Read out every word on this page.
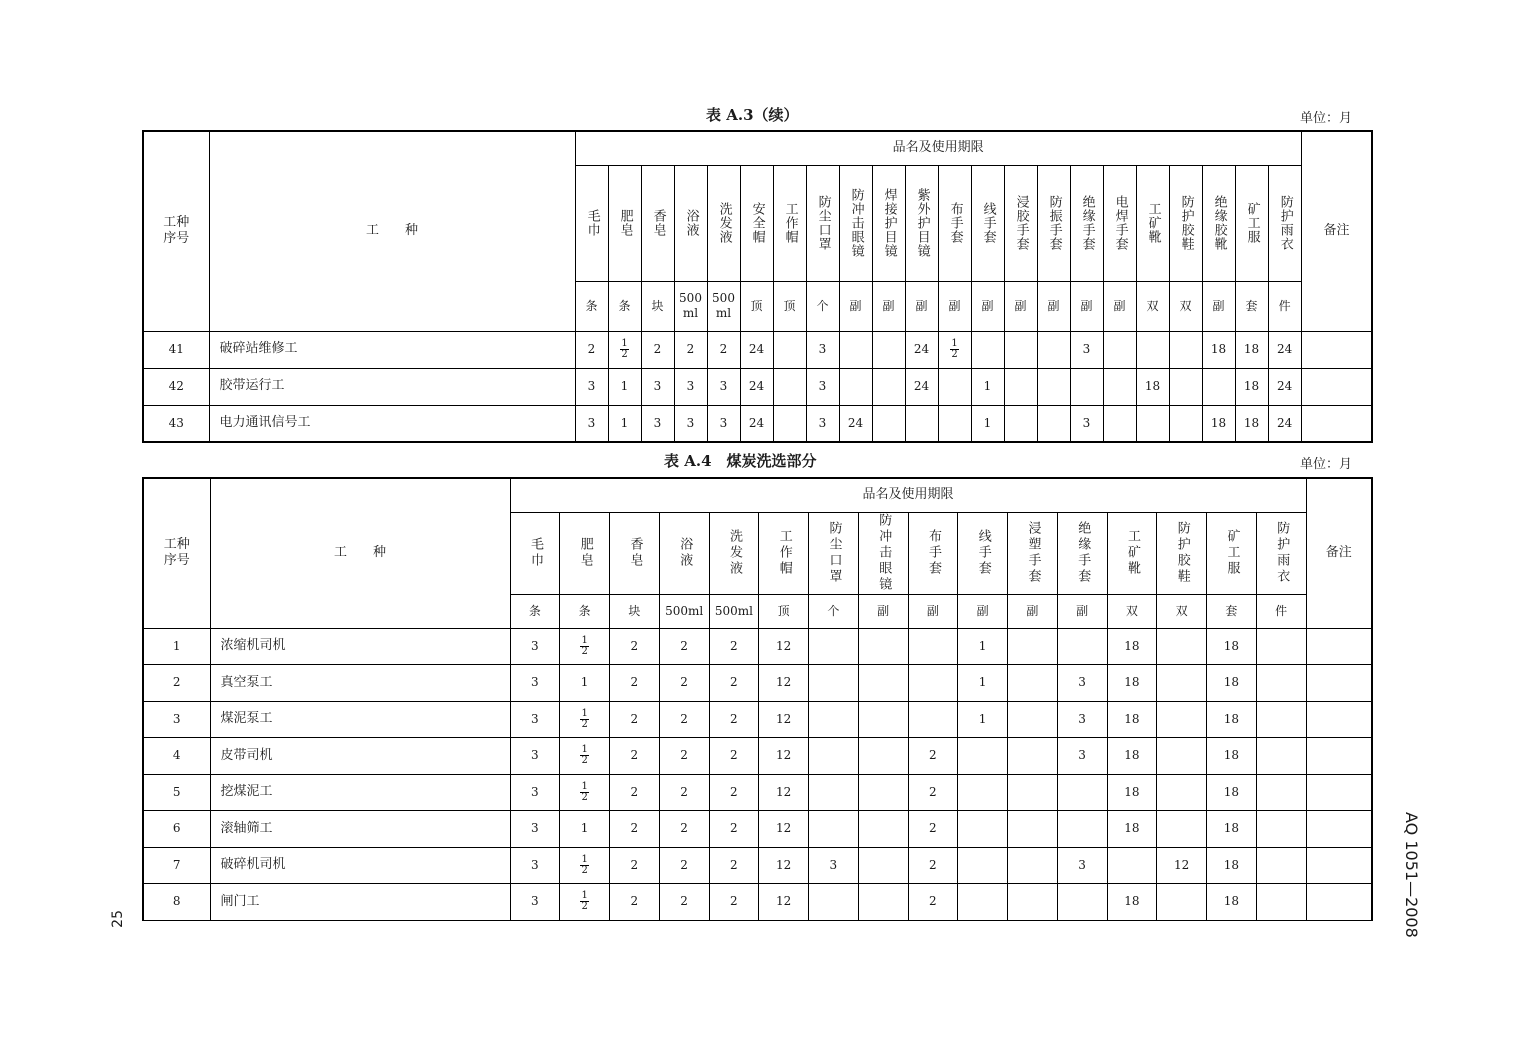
表 A.3（续）	单位：月
工种序号	工　　种	品名及使用期限																						备注

		毛巾	肥皂	香皂	浴液	洗发液	安全帽	工作帽	防尘口罩	防冲击眼镜	焊接护目镜	紫外护目镜	布手套	线手套	浸胶手套	防振手套	绝缘手套	电焊手套	工矿靴	防护胶鞋	绝缘胶靴	矿工服	防护雨衣	

		条	条	块	500 ml	500 ml	顶	顶	个	副	副	副	副	副	副	副	副	副	双	双	副	套	件	
41	破碎站维修工	2	$\frac{1}{2}$	2	2	2	24		3			24	$\frac{1}{2}$				3				18	18	24	
42	胶带运行工	3	1	3	3	3	24		3			24		1					18			18	24	
43	电力通讯信号工	3	1	3	3	3	24		3	24				1			3				18	18	24	
表 A.4　煤炭洗选部分	单位：月
工种序号	工　　种	品名及使用期限																备注

		毛巾	肥皂	香皂	浴液	洗发液	工作帽	防尘口罩	防冲击眼镜	布手套	线手套	浸塑手套	绝缘手套	工矿靴	防护胶鞋	矿工服	防护雨衣	

		条	条	块	500ml	500ml	顶	个	副	副	副	副	副	双	双	套	件	
1	浓缩机司机	3	$\frac{1}{2}$	2	2	2	12				1			18		18		
2	真空泵工	3	1	2	2	2	12				1		3	18		18		
3	煤泥泵工	3	$\frac{1}{2}$	2	2	2	12				1		3	18		18		
4	皮带司机	3	$\frac{1}{2}$	2	2	2	12			2			3	18		18		
5	挖煤泥工	3	$\frac{1}{2}$	2	2	2	12			2				18		18		
6	滚轴筛工	3	1	2	2	2	12			2				18		18		
7	破碎机司机	3	$\frac{1}{2}$	2	2	2	12	3		2			3		12	18		
8	闸门工	3	$\frac{1}{2}$	2	2	2	12			2				18		18		
25	AQ 1051—2008
